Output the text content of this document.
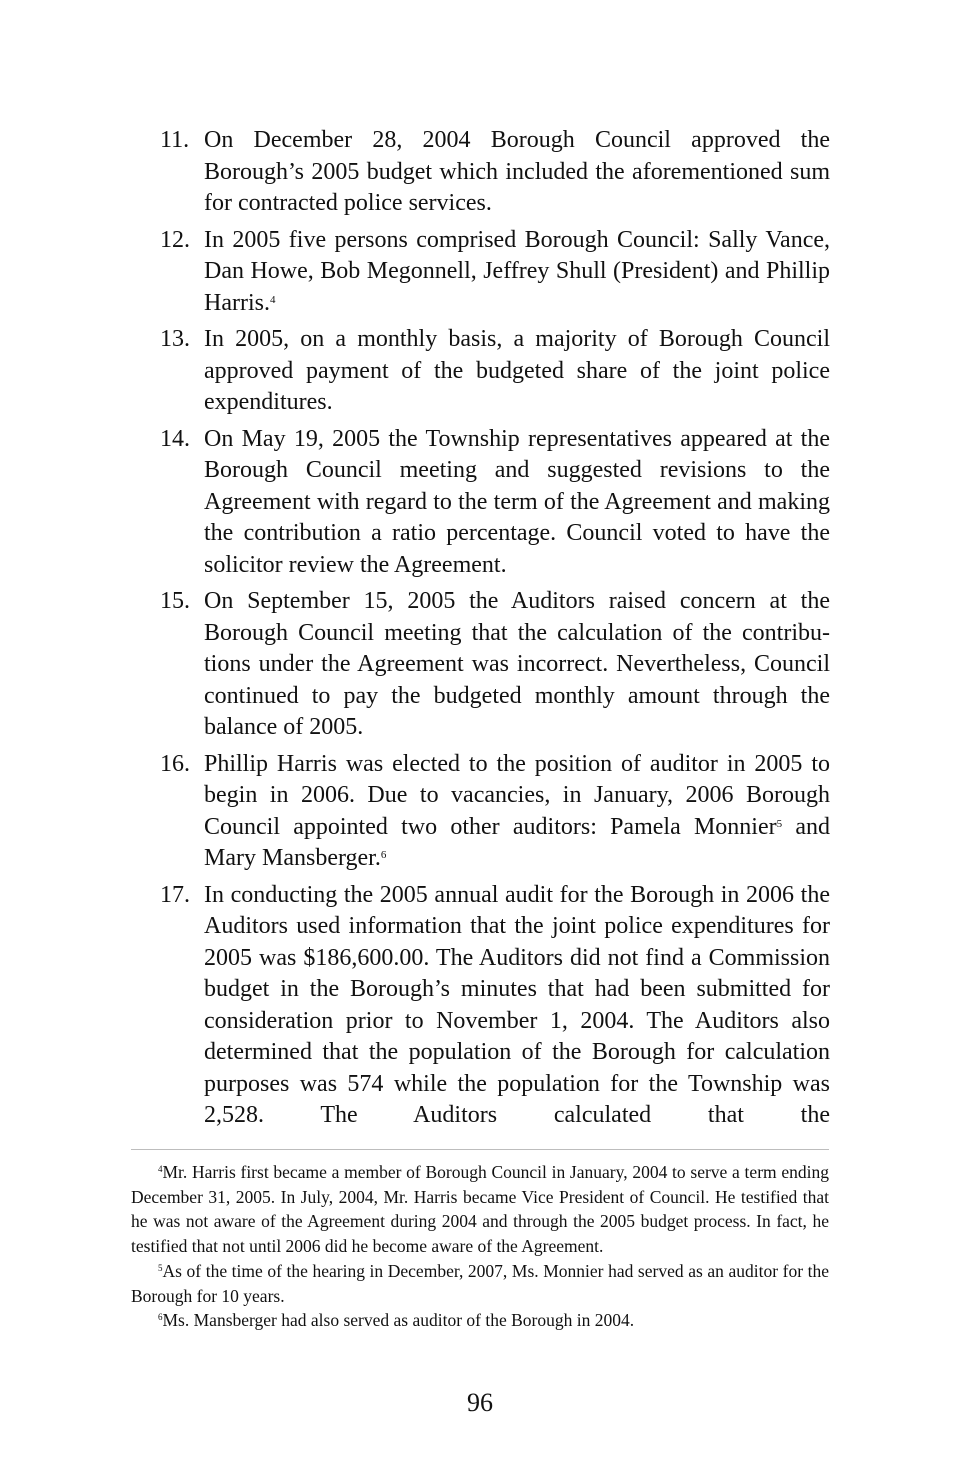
11. On December 28, 2004 Borough Council approved the Borough’s 2005 budget which included the aforementioned sum for contracted police services.
12. In 2005 five persons comprised Borough Council: Sally Vance, Dan Howe, Bob Megonnell, Jeffrey Shull (President) and Phillip Harris.$^4$
13. In 2005, on a monthly basis, a majority of Borough Council approved payment of the budgeted share of the joint police expenditures.
14. On May 19, 2005 the Township representatives appeared at the Borough Council meeting and suggested revisions to the Agreement with regard to the term of the Agreement and making the contribution a ratio percentage. Council voted to have the solicitor review the Agreement.
15. On September 15, 2005 the Auditors raised concern at the Borough Council meeting that the calculation of the contributions under the Agreement was incorrect. Nevertheless, Council continued to pay the budgeted monthly amount through the balance of 2005.
16. Phillip Harris was elected to the position of auditor in 2005 to begin in 2006. Due to vacancies, in January, 2006 Borough Council appointed two other auditors: Pamela Monnier$^5$ and Mary Mansberger.$^6$
17. In conducting the 2005 annual audit for the Borough in 2006 the Auditors used information that the joint police expenditures for 2005 was $186,600.00. The Auditors did not find a Commission budget in the Borough’s minutes that had been submitted for consideration prior to November 1, 2004. The Auditors also determined that the population of the Borough for calculation purposes was 574 while the population for the Township was 2,528. The Auditors calculated that the

$^4$Mr. Harris first became a member of Borough Council in January, 2004 to serve a term ending December 31, 2005. In July, 2004, Mr. Harris became Vice President of Council. He testified that he was not aware of the Agreement during 2004 and through the 2005 budget process. In fact, he testified that not until 2006 did he become aware of the Agreement.

$^5$As of the time of the hearing in December, 2007, Ms. Monnier had served as an auditor for the Borough for 10 years.

$^6$Ms. Mansberger had also served as auditor of the Borough in 2004.

96
